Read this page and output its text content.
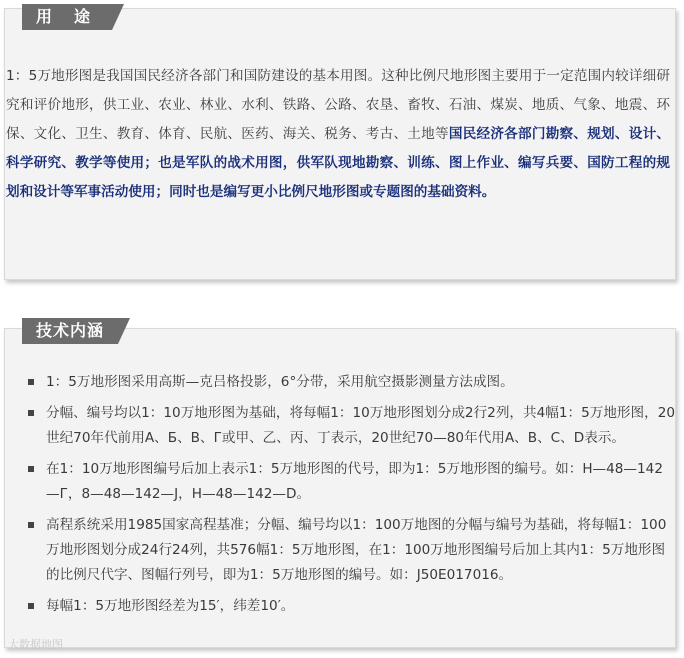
用途

1：5万地形图是我国国民经济各部门和国防建设的基本用图。这种比例尺地形图主要用于一定范围内较详细研究和评价地形，供工业、农业、林业、水利、铁路、公路、农垦、畜牧、石油、煤炭、地质、气象、地震、环保、文化、卫生、教育、体育、民航、医药、海关、税务、考古、土地等国民经济各部门勘察、规划、设计、科学研究、教学等使用；也是军队的战术用图，供军队现地勘察、训练、图上作业、编写兵要、国防工程的规划和设计等军事活动使用；同时也是编写更小比例尺地形图或专题图的基础资料。

技术内涵
1：5万地形图采用高斯—克吕格投影，6°分带，采用航空摄影测量方法成图。
分幅、编号均以1：10万地形图为基础，将每幅1：10万地形图划分成2行2列，共4幅1：5万地形图，20世纪70年代前用А、Б、В、Г或甲、乙、丙、丁表示，20世纪70—80年代用A、B、C、D表示。
在1：10万地形图编号后加上表示1：5万地形图的代号，即为1：5万地形图的编号。如：H—48—142—Г，8—48—142—J，H—48—142—D。
高程系统采用1985国家高程基准；分幅、编号均以1：100万地图的分幅与编号为基础，将每幅1：100万地形图划分成24行24列，共576幅1：5万地形图，在1：100万地形图编号后加上其内1：5万地形图的比例尺代字、图幅行列号，即为1：5万地形图的编号。如：J50E017016。
每幅1：5万地形图经差为15′，纬差10′。
大数据地图
